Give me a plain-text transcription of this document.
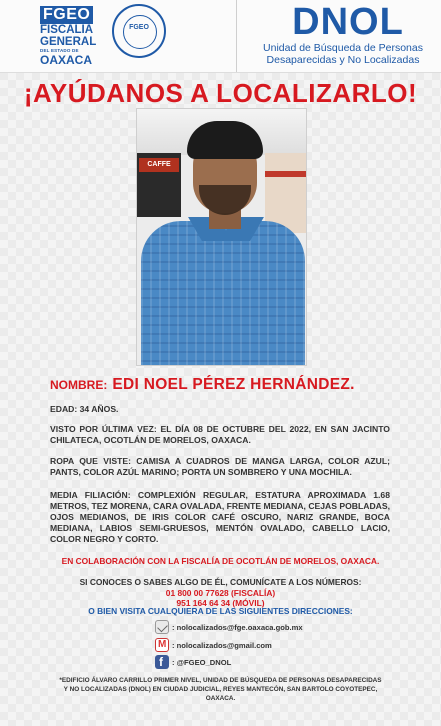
FGEO
FISCALÍA
GENERAL
DEL ESTADO DE
OAXACA
FGEO	DNOL
Unidad de Búsqueda de Personas
Desaparecidas y No Localizadas
¡AYÚDANOS A LOCALIZARLO!
CAFFE
NOMBRE: EDI NOEL PÉREZ HERNÁNDEZ.
EDAD: 34 AÑOS.
VISTO POR ÚLTIMA VEZ: EL DÍA 08 DE OCTUBRE DEL 2022, EN SAN JACINTO CHILATECA, OCOTLÁN DE MORELOS, OAXACA.
ROPA QUE VISTE: CAMISA A CUADROS DE MANGA LARGA, COLOR AZUL; PANTS, COLOR AZÚL MARINO; PORTA UN SOMBRERO Y UNA MOCHILA.
MEDIA FILIACIÓN: COMPLEXIÓN REGULAR, ESTATURA APROXIMADA 1.68 METROS, TEZ MORENA, CARA OVALADA, FRENTE MEDIANA, CEJAS POBLADAS, OJOS MEDIANOS, DE IRIS COLOR CAFÉ OSCURO, NARIZ GRANDE, BOCA MEDIANA, LABIOS SEMI-GRUESOS, MENTÓN OVALADO, CABELLO LACIO, COLOR NEGRO Y CORTO.
EN COLABORACIÓN CON LA FISCALÍA DE OCOTLÁN DE MORELOS, OAXACA.
SI CONOCES O SABES ALGO DE ÉL, COMUNÍCATE A LOS NÚMEROS:
01 800 00 77628 (FISCALÍA)
951 164 64 34 (MÓVIL)
O BIEN VISITA CUALQUIERA DE LAS SIGUIENTES DIRECCIONES:
: nolocalizados@fge.oaxaca.gob.mx
M
: nolocalizados@gmail.com
f
: @FGEO_DNOL
*EDIFICIO ÁLVARO CARRILLO PRIMER NIVEL, UNIDAD DE BÚSQUEDA DE PERSONAS DESAPARECIDAS Y NO LOCALIZADAS (DNOL) EN CIUDAD JUDICIAL, REYES MANTECÓN, SAN BARTOLO COYOTEPEC, OAXACA.
